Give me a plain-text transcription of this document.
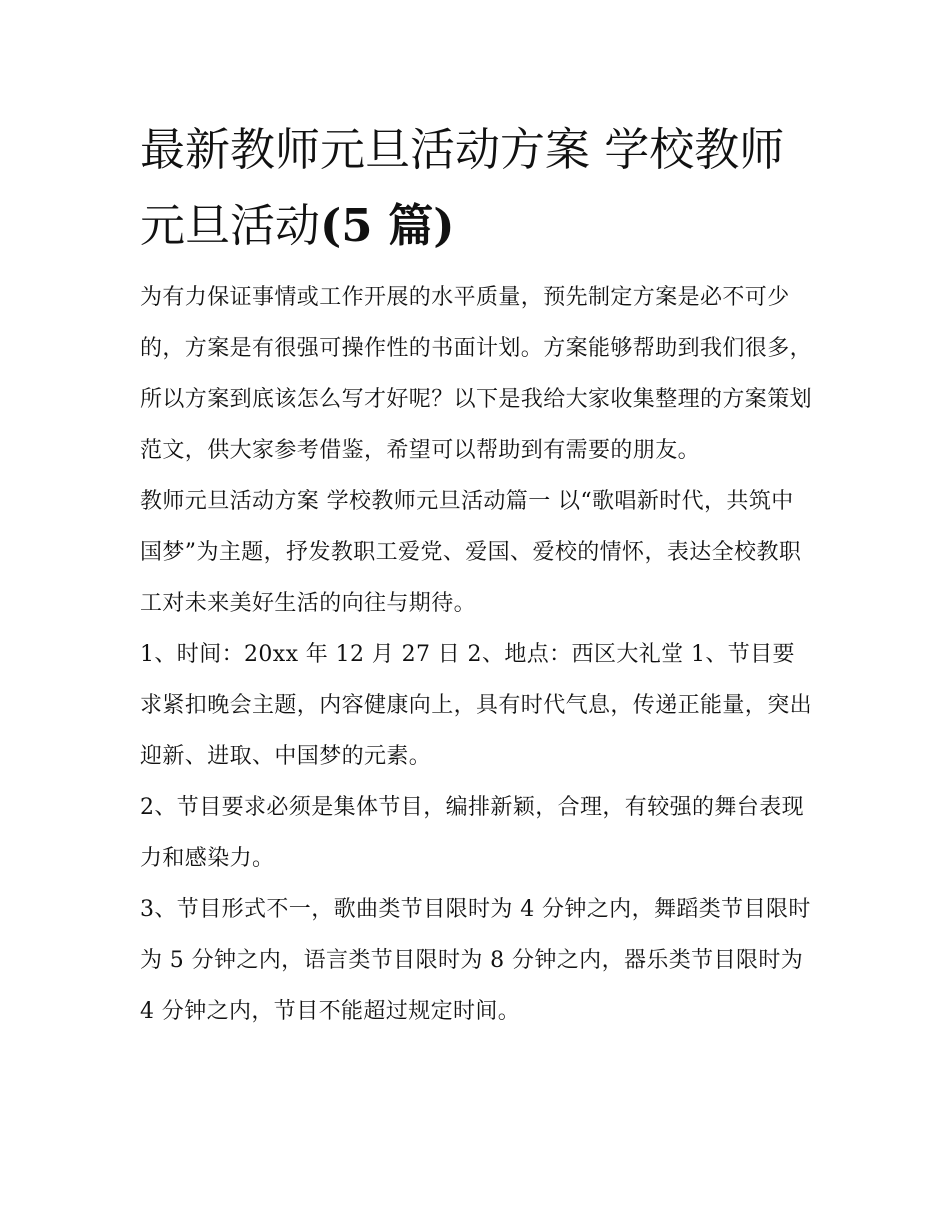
最新教师元旦活动方案 学校教师元旦活动(5 篇)

为有力保证事情或工作开展的水平质量，预先制定方案是必不可少的，方案是有很强可操作性的书面计划。方案能够帮助到我们很多，所以方案到底该怎么写才好呢？以下是我给大家收集整理的方案策划范文，供大家参考借鉴，希望可以帮助到有需要的朋友。

教师元旦活动方案 学校教师元旦活动篇一 以“歌唱新时代，共筑中国梦”为主题，抒发教职工爱党、爱国、爱校的情怀，表达全校教职工对未来美好生活的向往与期待。

1、时间：20xx 年 12 月 27 日 2、地点：西区大礼堂 1、节目要求紧扣晚会主题，内容健康向上，具有时代气息，传递正能量，突出迎新、进取、中国梦的元素。

2、节目要求必须是集体节目，编排新颖，合理，有较强的舞台表现力和感染力。

3、节目形式不一，歌曲类节目限时为 4 分钟之内，舞蹈类节目限时为 5 分钟之内，语言类节目限时为 8 分钟之内，器乐类节目限时为 4 分钟之内，节目不能超过规定时间。
